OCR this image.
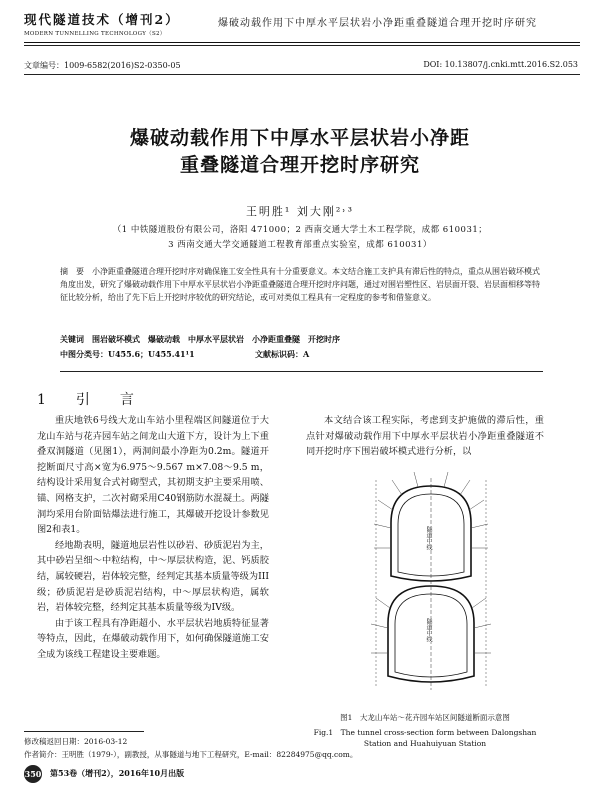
现代隧道技术（增刊2）
MODERN TUNNELLING TECHNOLOGY（S2）
爆破动载作用下中厚水平层状岩小净距重叠隧道合理开挖时序研究
文章编号：1009-6582(2016)S2-0350-05	DOI: 10.13807/j.cnki.mtt.2016.S2.053
爆破动载作用下中厚水平层状岩小净距
重叠隧道合理开挖时序研究
王明胜¹ 刘大刚²˒³
（1 中铁隧道股份有限公司，洛阳 471000；2 西南交通大学土木工程学院，成都 610031；
3 西南交通大学交通隧道工程教育部重点实验室，成都 610031）
摘　要　小净距重叠隧道合理开挖时序对确保施工安全性具有十分重要意义。本文结合施工支护具有滞后性的特点，重点从围岩破坏模式角度出发，研究了爆破动载作用下中厚水平层状岩小净距重叠隧道合理开挖时序问题，通过对围岩塑性区、岩层面开裂、岩层面相移等特征比较分析，给出了先下后上开挖时序较优的研究结论，或可对类似工程具有一定程度的参考和借鉴意义。
关键词　围岩破坏模式　爆破动载　中厚水平层状岩　小净距重叠隧　开挖时序
中图分类号：U455.6；U455.41¹1	文献标识码：A
1　引　言

重庆地铁6号线大龙山车站小里程端区间隧道位于大龙山车站与花卉园车站之间龙山大道下方，设计为上下重叠双洞隧道（见图1），两洞间最小净距为0.2m。隧道开挖断面尺寸高×宽为6.975～9.567 m×7.08～9.5 m，结构设计采用复合式衬砌型式，其初期支护主要采用喷、锚、网格支护，二次衬砌采用C40钢筋防水混凝土。两隧洞均采用台阶面钻爆法进行施工，其爆破开挖设计参数见图2和表1。

经地勘表明，隧道地层岩性以砂岩、砂质泥岩为主，其中砂岩呈细～中粒结构，中～厚层状构造，泥、钙质胶结，属较硬岩，岩体较完整，经判定其基本质量等级为III级；砂质泥岩是砂质泥岩结构，中～厚层状构造，属软岩，岩体较完整，经判定其基本质量等级为IV级。

由于该工程具有净距超小、水平层状岩地质特征显著等特点，因此，在爆破动载作用下，如何确保隧道施工安全成为该线工程建设主要难题。

本文结合该工程实际，考虑到支护施做的滞后性，重点针对爆破动载作用下中厚水平层状岩小净距重叠隧道不同开挖时序下围岩破坏模式进行分析，以

隧道中线
隧道中线
图1　大龙山车站～花卉园车站区间隧道断面示意图
Fig.1　The tunnel cross-section form between Dalongshan Station and Huahuiyuan Station
修改稿返回日期：2016-03-12
作者简介：王明胜（1979-），副教授，从事隧道与地下工程研究，E-mail：82284975@qq.com。
350 第53卷（增刊2），2016年10月出版
